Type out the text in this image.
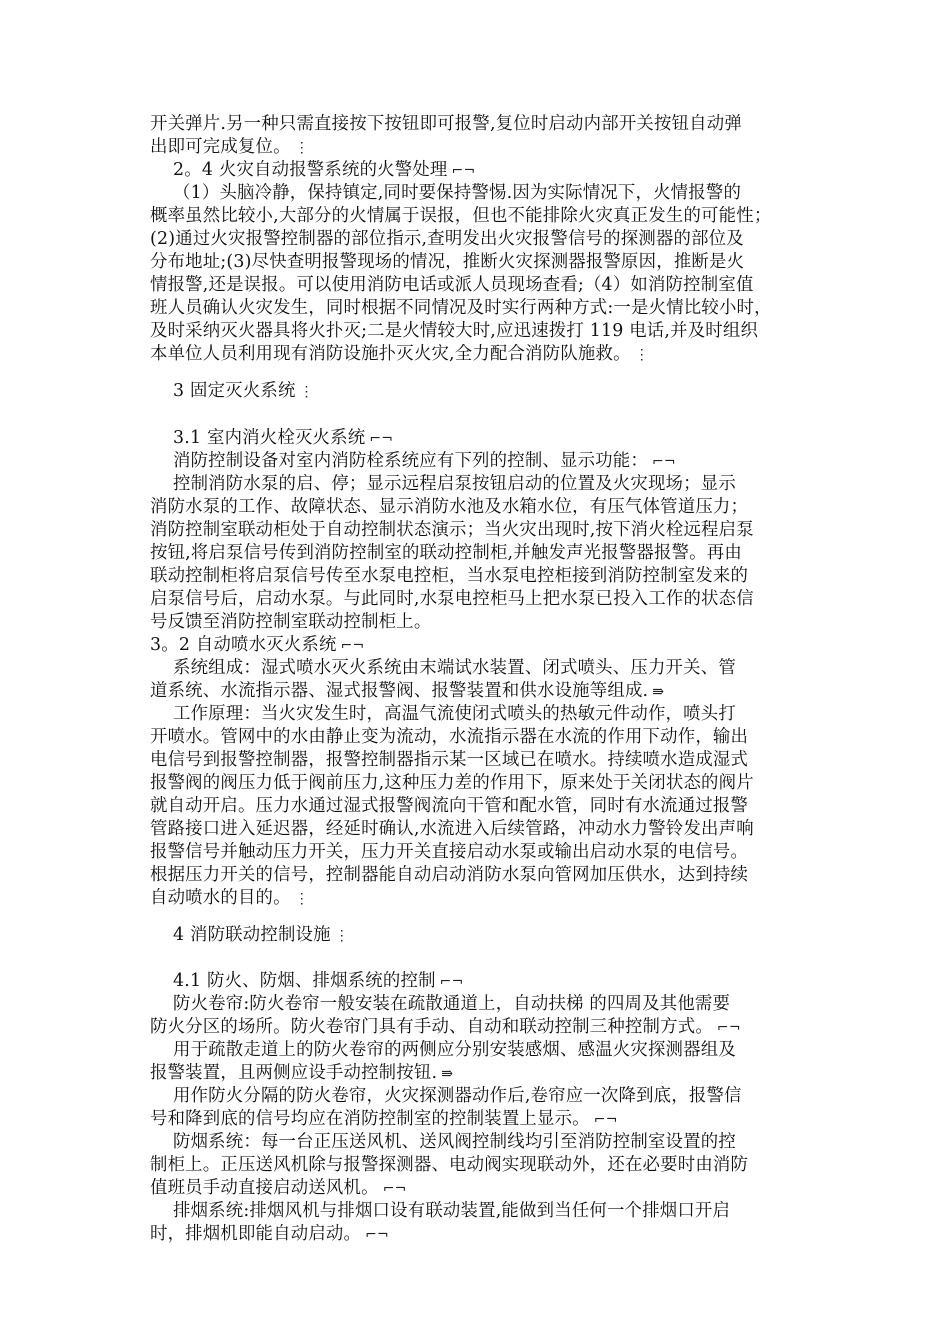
开关弹片.另一种只需直接按下按钮即可报警,复位时启动内部开关按钮自动弹
出即可完成复位。 ⋮
2。4 火灾自动报警系统的火警处理 ⌐¬
（1）头脑冷静，保持镇定,同时要保持警惕.因为实际情况下，火情报警的
概率虽然比较小,大部分的火情属于误报，但也不能排除火灾真正发生的可能性；
(2)通过火灾报警控制器的部位指示,查明发出火灾报警信号的探测器的部位及
分布地址;(3)尽快查明报警现场的情况，推断火灾探测器报警原因，推断是火
情报警,还是误报。可以使用消防电话或派人员现场查看;（4）如消防控制室值
班人员确认火灾发生，同时根据不同情况及时实行两种方式:一是火情比较小时，
及时采纳灭火器具将火扑灭;二是火情较大时,应迅速拨打 119 电话,并及时组织
本单位人员利用现有消防设施扑灭火灾,全力配合消防队施救。 ⋮
3 固定灭火系统 ⋮
3.1 室内消火栓灭火系统 ⌐¬
消防控制设备对室内消防栓系统应有下列的控制、显示功能： ⌐¬
控制消防水泵的启、停；显示远程启泵按钮启动的位置及火灾现场；显示
消防水泵的工作、故障状态、显示消防水池及水箱水位，有压气体管道压力；
消防控制室联动柜处于自动控制状态演示；当火灾出现时,按下消火栓远程启泵
按钮,将启泵信号传到消防控制室的联动控制柜,并触发声光报警器报警。再由
联动控制柜将启泵信号传至水泵电控柜，当水泵电控柜接到消防控制室发来的
启泵信号后，启动水泵。与此同时,水泵电控柜马上把水泵已投入工作的状态信
号反馈至消防控制室联动控制柜上。
3。2 自动喷水灭火系统 ⌐¬
系统组成：湿式喷水灭火系统由末端试水装置、闭式喷头、压力开关、管
道系统、水流指示器、湿式报警阀、报警装置和供水设施等组成. ⇛
工作原理：当火灾发生时，高温气流使闭式喷头的热敏元件动作，喷头打
开喷水。管网中的水由静止变为流动，水流指示器在水流的作用下动作，输出
电信号到报警控制器，报警控制器指示某一区域已在喷水。持续喷水造成湿式
报警阀的阀压力低于阀前压力,这种压力差的作用下，原来处于关闭状态的阀片
就自动开启。压力水通过湿式报警阀流向干管和配水管，同时有水流通过报警
管路接口进入延迟器，经延时确认,水流进入后续管路，冲动水力警铃发出声响
报警信号并触动压力开关，压力开关直接启动水泵或输出启动水泵的电信号。
根据压力开关的信号，控制器能自动启动消防水泵向管网加压供水，达到持续
自动喷水的目的。 ⋮
4 消防联动控制设施 ⋮
4.1 防火、防烟、排烟系统的控制 ⌐¬
防火卷帘:防火卷帘一般安装在疏散通道上，自动扶梯 的四周及其他需要
防火分区的场所。防火卷帘门具有手动、自动和联动控制三种控制方式。 ⌐¬
用于疏散走道上的防火卷帘的两侧应分别安装感烟、感温火灾探测器组及
报警装置，且两侧应设手动控制按钮. ⇛
用作防火分隔的防火卷帘，火灾探测器动作后,卷帘应一次降到底，报警信
号和降到底的信号均应在消防控制室的控制装置上显示。 ⌐¬
防烟系统：每一台正压送风机、送风阀控制线均引至消防控制室设置的控
制柜上。正压送风机除与报警探测器、电动阀实现联动外，还在必要时由消防
值班员手动直接启动送风机。 ⌐¬
排烟系统:排烟风机与排烟口设有联动装置,能做到当任何一个排烟口开启
时，排烟机即能自动启动。 ⌐¬
